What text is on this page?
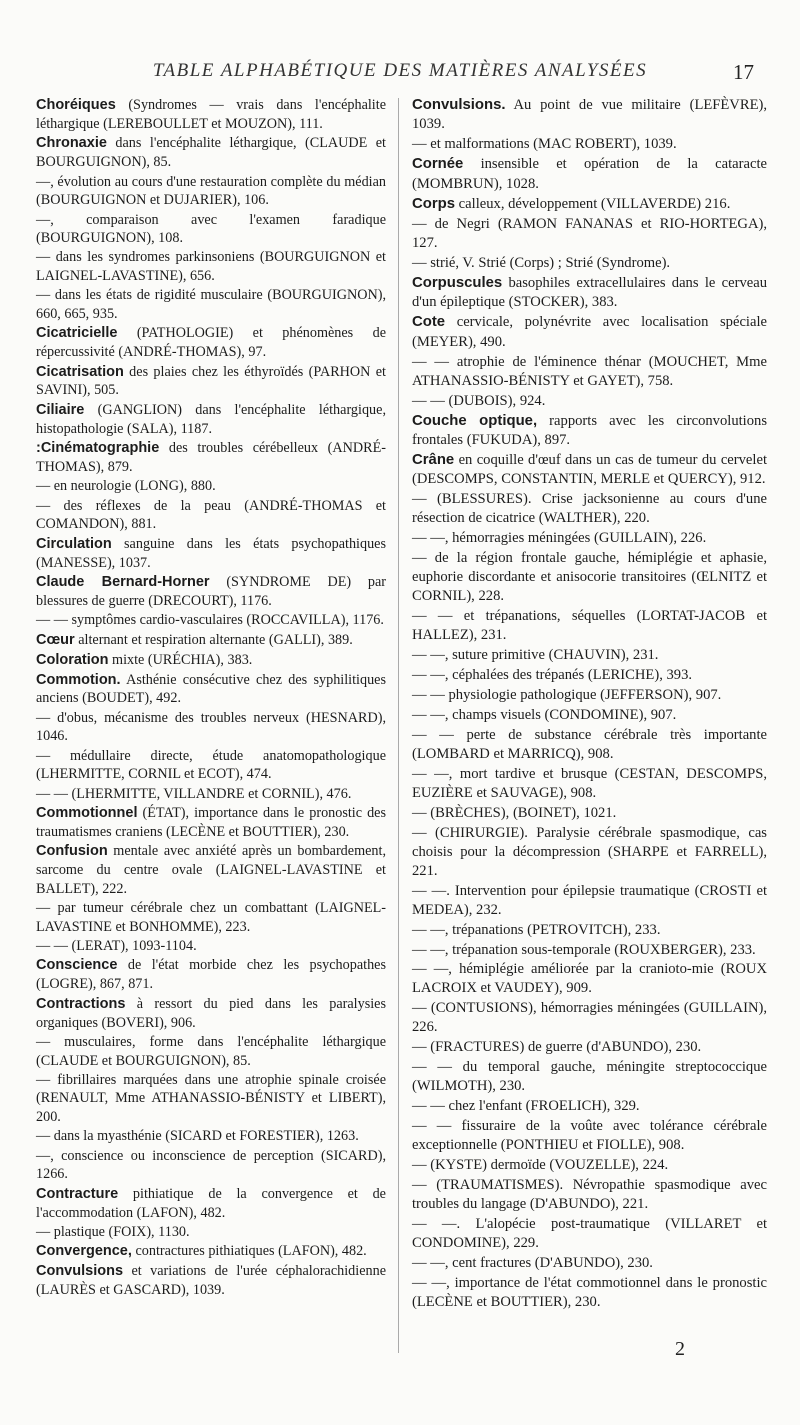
TABLE ALPHABÉTIQUE DES MATIÈRES ANALYSÉES	17
Choréiques (Syndromes — vrais dans l'encéphalite léthargique (LEREBOULLET et MOUZON), 111.
Chronaxie dans l'encéphalite léthargique, (CLAUDE et BOURGUIGNON), 85.
—, évolution au cours d'une restauration complète du médian (BOURGUIGNON et DUJARIER), 106.
—, comparaison avec l'examen faradique (BOURGUIGNON), 108.
— dans les syndromes parkinsoniens (BOURGUIGNON et LAIGNEL-LAVASTINE), 656.
— dans les états de rigidité musculaire (BOURGUIGNON), 660, 665, 935.
Cicatricielle (PATHOLOGIE) et phénomènes de répercussivité (ANDRÉ-THOMAS), 97.
Cicatrisation des plaies chez les éthyroïdés (PARHON et SAVINI), 505.
Ciliaire (GANGLION) dans l'encéphalite léthargique, histopathologie (SALA), 1187.
:Cinématographie des troubles cérébelleux (ANDRÉ-THOMAS), 879.
— en neurologie (LONG), 880.
— des réflexes de la peau (ANDRÉ-THOMAS et COMANDON), 881.
Circulation sanguine dans les états psychopathiques (MANESSE), 1037.
Claude Bernard-Horner (SYNDROME DE) par blessures de guerre (DRECOURT), 1176.
— — symptômes cardio-vasculaires (ROCCAVILLA), 1176.
Cœur alternant et respiration alternante (GALLI), 389.
Coloration mixte (URÉCHIA), 383.
Commotion. Asthénie consécutive chez des syphilitiques anciens (BOUDET), 492.
— d'obus, mécanisme des troubles nerveux (HESNARD), 1046.
— médullaire directe, étude anatomopathologique (LHERMITTE, CORNIL et ECOT), 474.
— — (LHERMITTE, VILLANDRE et CORNIL), 476.
Commotionnel (ÉTAT), importance dans le pronostic des traumatismes craniens (LECÈNE et BOUTTIER), 230.
Confusion mentale avec anxiété après un bombardement, sarcome du centre ovale (LAIGNEL-LAVASTINE et BALLET), 222.
— par tumeur cérébrale chez un combattant (LAIGNEL-LAVASTINE et BONHOMME), 223.
— — (LERAT), 1093-1104.
Conscience de l'état morbide chez les psychopathes (LOGRE), 867, 871.
Contractions à ressort du pied dans les paralysies organiques (BOVERI), 906.
— musculaires, forme dans l'encéphalite léthargique (CLAUDE et BOURGUIGNON), 85.
— fibrillaires marquées dans une atrophie spinale croisée (RENAULT, Mme ATHANASSIO-BÉNISTY et LIBERT), 200.
— dans la myasthénie (SICARD et FORESTIER), 1263.
—, conscience ou inconscience de perception (SICARD), 1266.
Contracture pithiatique de la convergence et de l'accommodation (LAFON), 482.
— plastique (FOIX), 1130.
Convergence, contractures pithiatiques (LAFON), 482.
Convulsions et variations de l'urée céphalorachidienne (LAURÈS et GASCARD), 1039.
Convulsions. Au point de vue militaire (LEFÈVRE), 1039.
— et malformations (MAC ROBERT), 1039.
Cornée insensible et opération de la cataracte (MOMBRUN), 1028.
Corps calleux, développement (VILLAVERDE) 216.
— de Negri (RAMON FANANAS et RIO-HORTEGA), 127.
— strié, V. Strié (Corps) ; Strié (Syndrome).
Corpuscules basophiles extracellulaires dans le cerveau d'un épileptique (STOCKER), 383.
Cote cervicale, polynévrite avec localisation spéciale (MEYER), 490.
— — atrophie de l'éminence thénar (MOUCHET, Mme ATHANASSIO-BÉNISTY et GAYET), 758.
— — (DUBOIS), 924.
Couche optique, rapports avec les circonvolutions frontales (FUKUDA), 897.
Crâne en coquille d'œuf dans un cas de tumeur du cervelet (DESCOMPS, CONSTANTIN, MERLE et QUERCY), 912.
— (BLESSURES). Crise jacksonienne au cours d'une résection de cicatrice (WALTHER), 220.
— —, hémorragies méningées (GUILLAIN), 226.
— de la région frontale gauche, hémiplégie et aphasie, euphorie discordante et anisocorie transitoires (ŒLNITZ et CORNIL), 228.
— — et trépanations, séquelles (LORTAT-JACOB et HALLEZ), 231.
— —, suture primitive (CHAUVIN), 231.
— —, céphalées des trépanés (LERICHE), 393.
— — physiologie pathologique (JEFFERSON), 907.
— —, champs visuels (CONDOMINE), 907.
— — perte de substance cérébrale très importante (LOMBARD et MARRICQ), 908.
— —, mort tardive et brusque (CESTAN, DESCOMPS, EUZIÈRE et SAUVAGE), 908.
— (BRÈCHES), (BOINET), 1021.
— (CHIRURGIE). Paralysie cérébrale spasmodique, cas choisis pour la décompression (SHARPE et FARRELL), 221.
— —. Intervention pour épilepsie traumatique (CROSTI et MEDEA), 232.
— —, trépanations (PETROVITCH), 233.
— —, trépanation sous-temporale (ROUXBERGER), 233.
— —, hémiplégie améliorée par la cranioto-mie (ROUX LACROIX et VAUDEY), 909.
— (CONTUSIONS), hémorragies méningées (GUILLAIN), 226.
— (FRACTURES) de guerre (d'ABUNDO), 230.
— — du temporal gauche, méningite streptococcique (WILMOTH), 230.
— — chez l'enfant (FROELICH), 329.
— — fissuraire de la voûte avec tolérance cérébrale exceptionnelle (PONTHIEU et FIOLLE), 908.
— (KYSTE) dermoïde (VOUZELLE), 224.
— (TRAUMATISMES). Névropathie spasmodique avec troubles du langage (D'ABUNDO), 221.
— —. L'alopécie post-traumatique (VILLARET et CONDOMINE), 229.
— —, cent fractures (D'ABUNDO), 230.
— —, importance de l'état commotionnel dans le pronostic (LECÈNE et BOUTTIER), 230.
2
